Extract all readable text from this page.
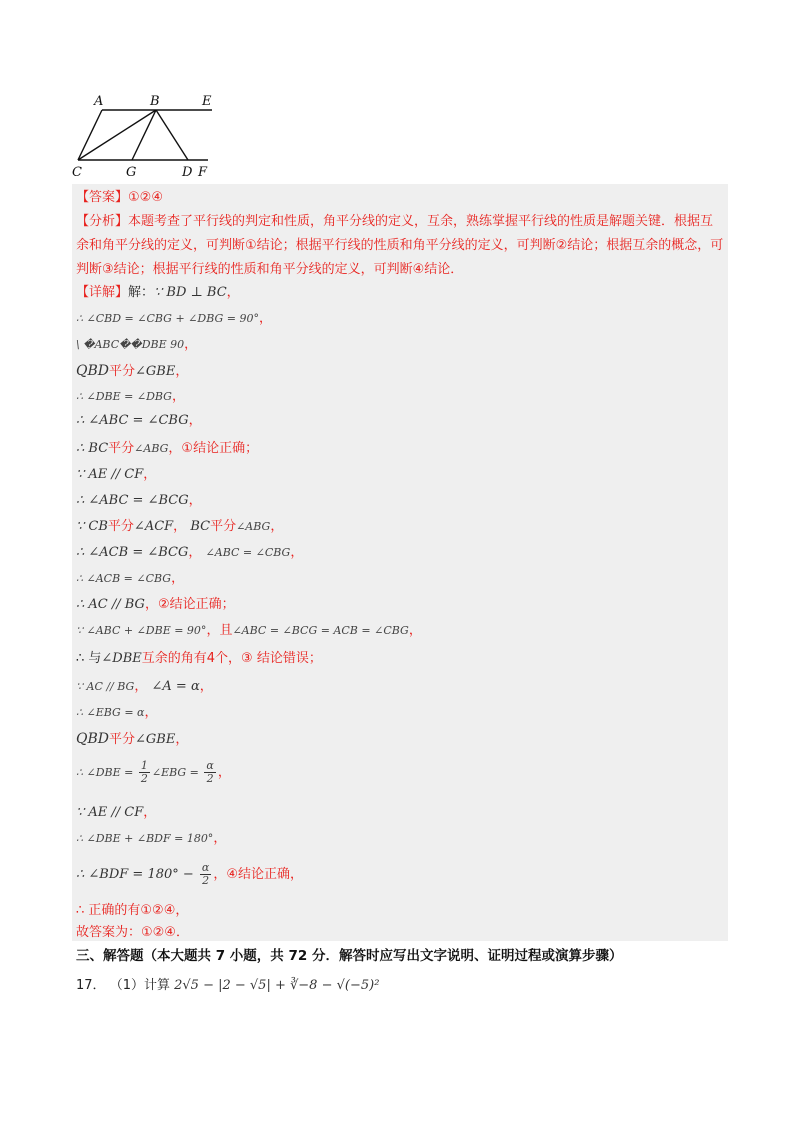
A	B	E
C	G	D F
【答案】①②④
【分析】本题考查了平行线的判定和性质，角平分线的定义，互余，熟练掌握平行线的性质是解题关键．根据互余和角平分线的定义，可判断①结论；根据平行线的性质和角平分线的定义，可判断②结论；根据互余的概念，可判断③结论；根据平行线的性质和角平分线的定义，可判断④结论．
【详解】解：∵ BD ⊥ BC，
∴ ∠CBD = ∠CBG + ∠DBG = 90°，
\ �ABC��DBE 90，
QBD平分∠GBE，
∴ ∠DBE = ∠DBG，
∴ ∠ABC = ∠CBG，
∴ BC平分∠ABG，①结论正确；
∵ AE // CF，
∴ ∠ABC = ∠BCG，
∵ CB平分∠ACF， BC平分∠ABG，
∴ ∠ACB = ∠BCG， ∠ABC = ∠CBG，
∴ ∠ACB = ∠CBG，
∴ AC // BG，②结论正确；
∵ ∠ABC + ∠DBE = 90°，且∠ABC = ∠BCG = ACB = ∠CBG，
∴ 与∠DBE互余的角有4个，③ 结论错误；
∵ AC // BG， ∠A = α，
∴ ∠EBG = α，
QBD平分∠GBE，
∴ ∠DBE = $\frac{1}{2}$ ∠EBG = $\frac{\alpha}{2}$ ，
∵ AE // CF，
∴ ∠DBE + ∠BDF = 180°，
∴ ∠BDF = $180^\circ - \frac{\alpha}{2}$ ，④结论正确，
∴ 正确的有①②④，
故答案为：①②④．
三、解答题（本大题共 7 小题，共 72 分．解答时应写出文字说明、证明过程或演算步骤）
17． （1）计算 2√5 − |2 − √5| + ∛−8 − √(−5)²
